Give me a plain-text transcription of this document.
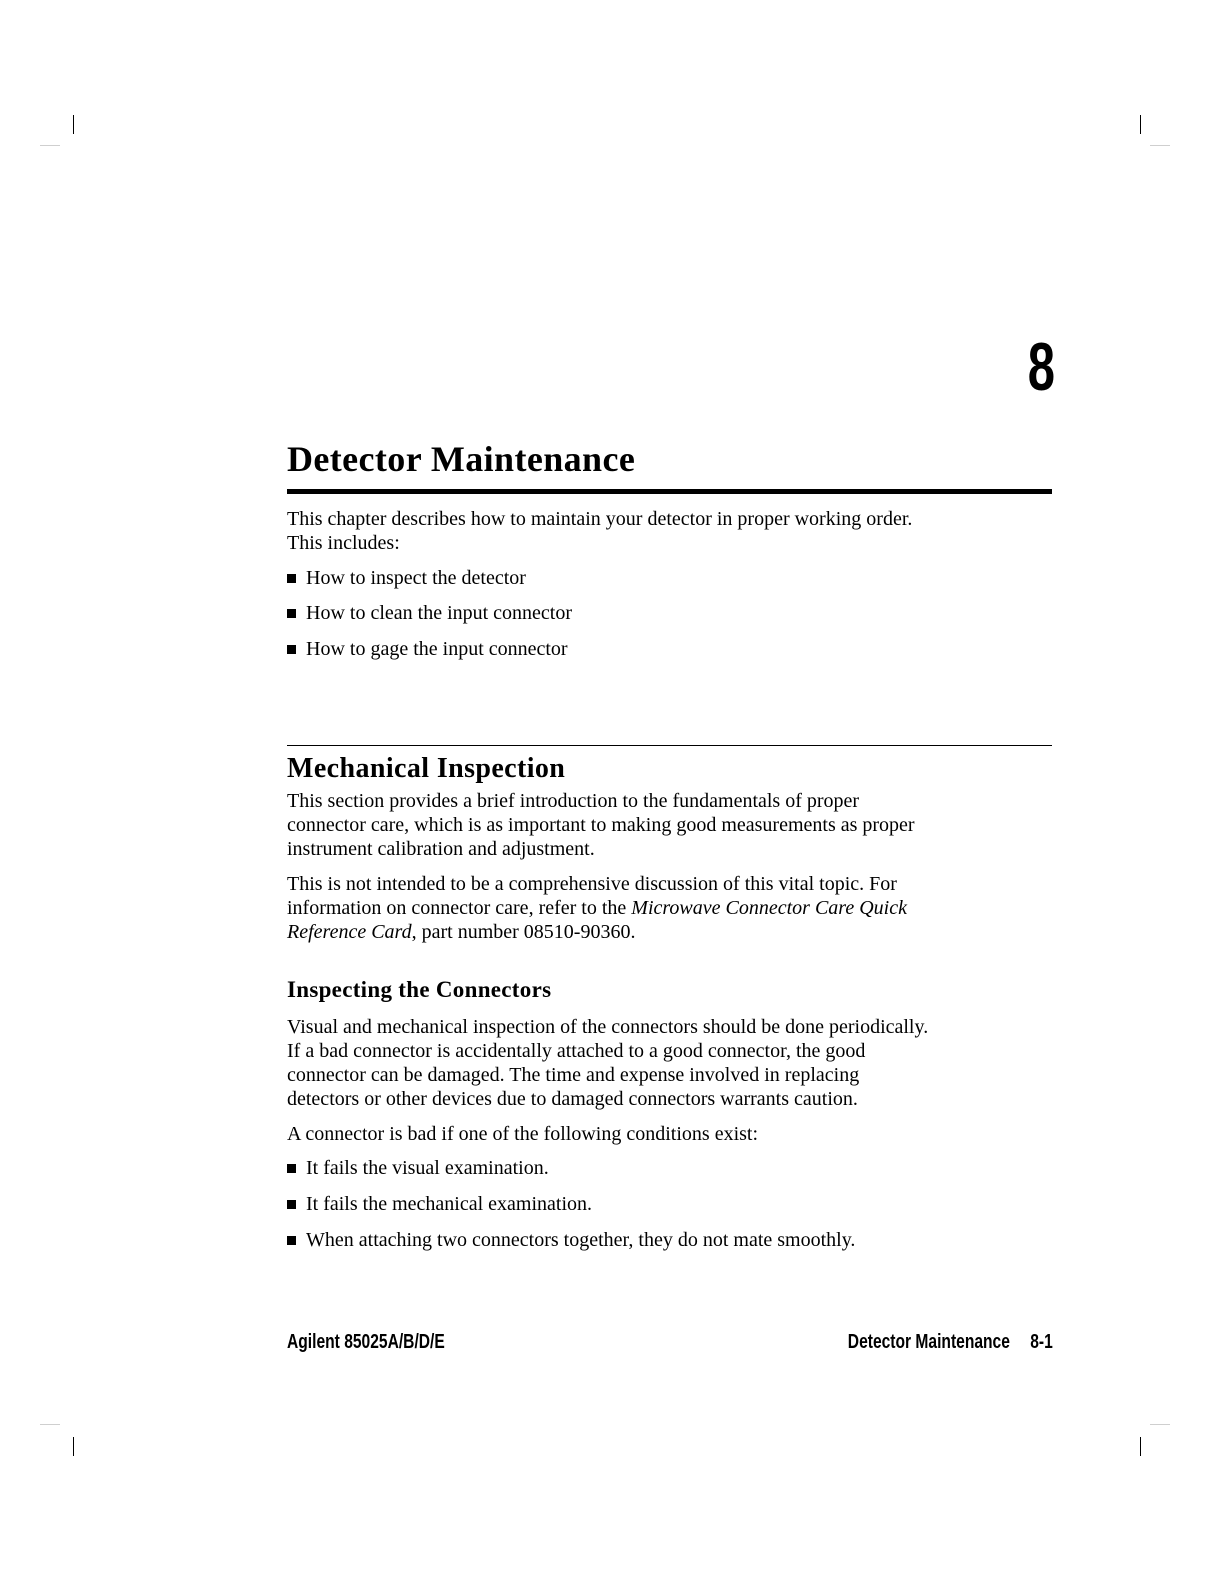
8
Detector Maintenance
This chapter describes how to maintain your detector in proper working order.
This includes:
How to inspect the detector
How to clean the input connector
How to gage the input connector
Mechanical Inspection
This section provides a brief introduction to the fundamentals of proper
connector care, which is as important to making good measurements as proper
instrument calibration and adjustment.
This is not intended to be a comprehensive discussion of this vital topic. For
information on connector care, refer to the Microwave Connector Care Quick
Reference Card, part number 08510-90360.
Inspecting the Connectors
Visual and mechanical inspection of the connectors should be done periodically.
If a bad connector is accidentally attached to a good connector, the good
connector can be damaged. The time and expense involved in replacing
detectors or other devices due to damaged connectors warrants caution.
A connector is bad if one of the following conditions exist:
It fails the visual examination.
It fails the mechanical examination.
When attaching two connectors together, they do not mate smoothly.
Agilent 85025A/B/D/E	Detector Maintenance 8-1
